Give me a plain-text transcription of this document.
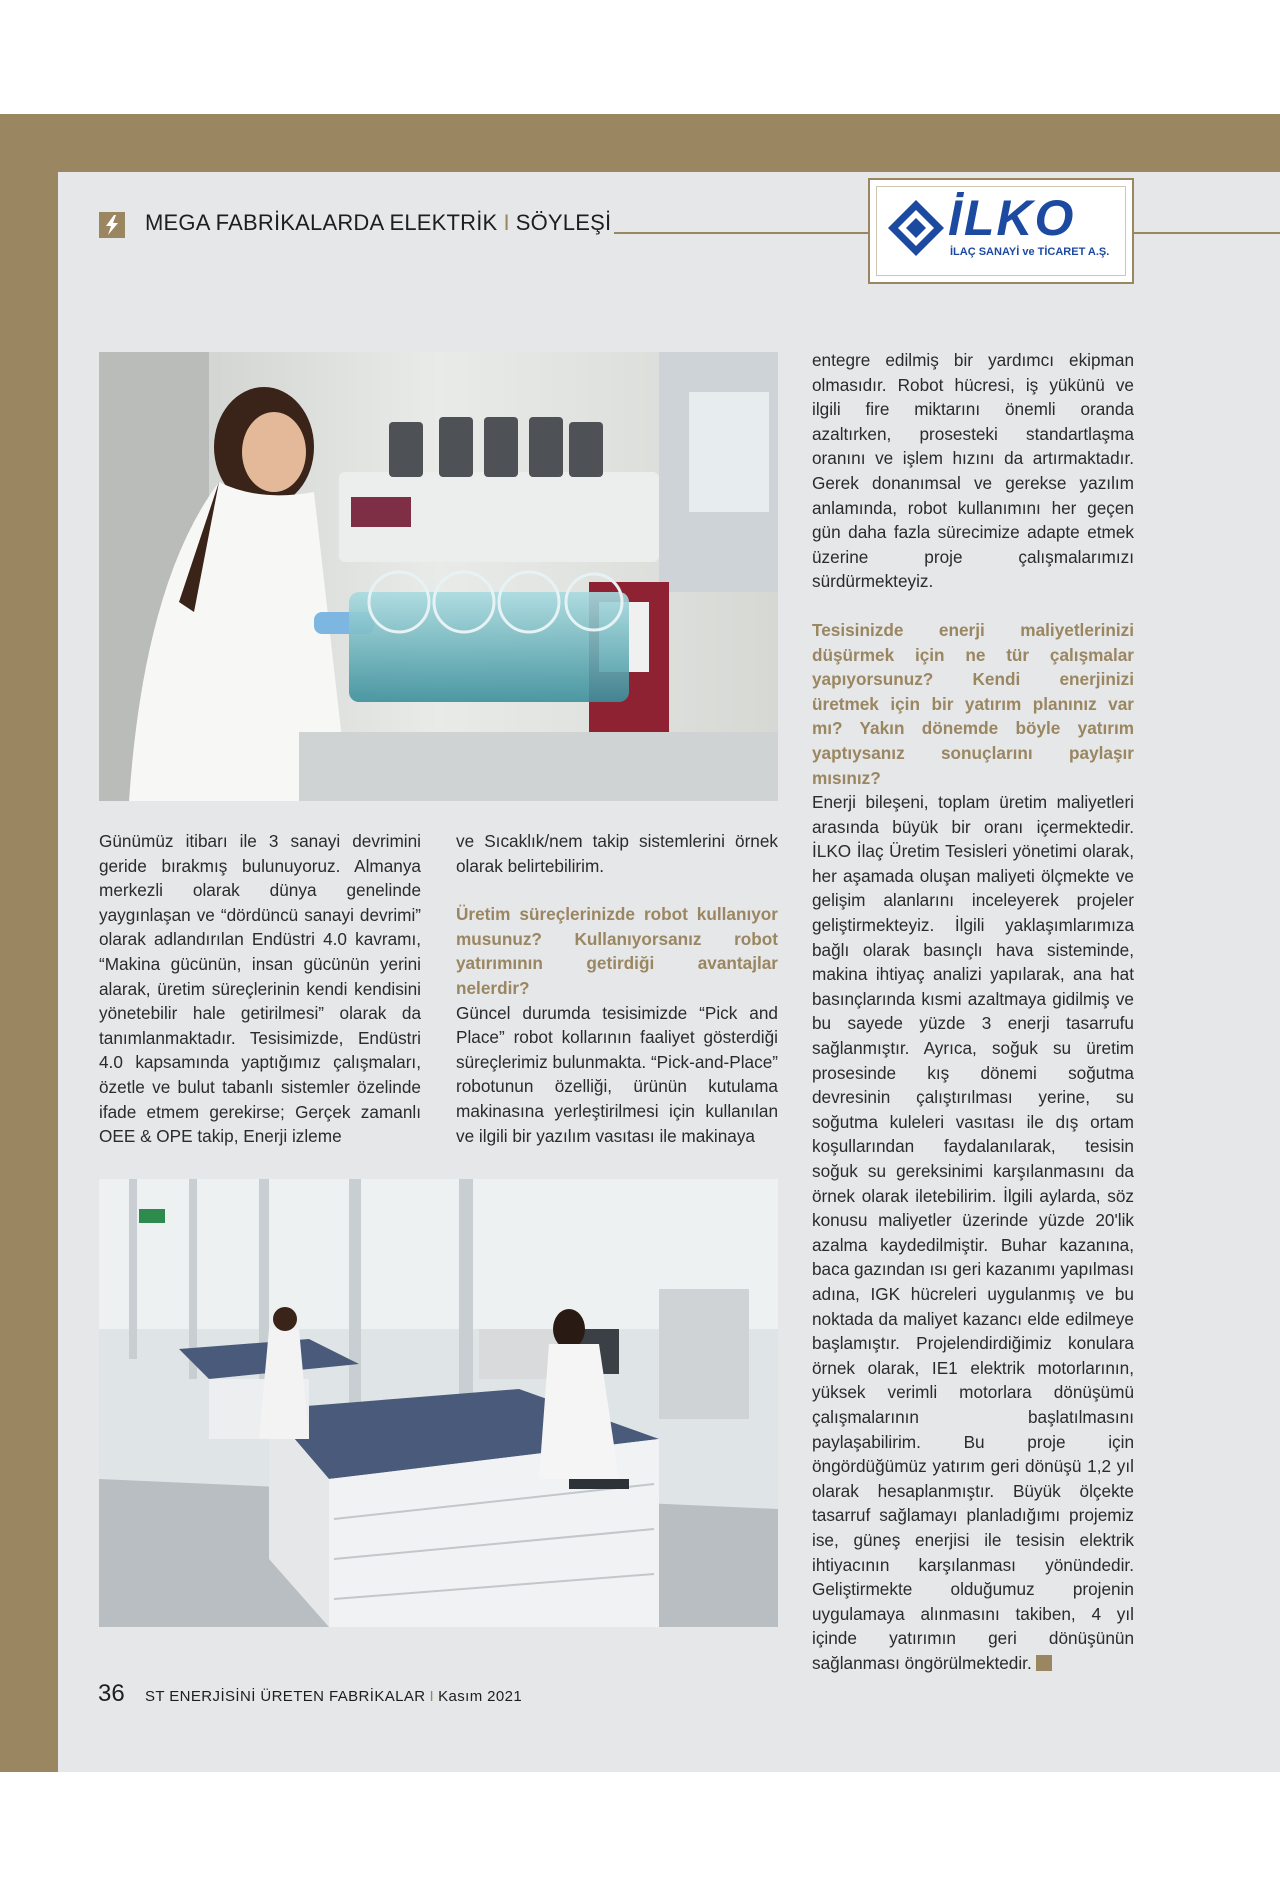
MEGA FABRİKALARDA ELEKTRİK I SÖYLEŞİ	İLKO
İLAÇ SANAYİ ve TİCARET A.Ş.

Günümüz itibarı ile 3 sanayi devrimini geride bırakmış bulunuyoruz. Almanya merkezli olarak dünya genelinde yaygınlaşan ve “dördüncü sanayi devrimi” olarak adlandırılan Endüstri 4.0 kavramı, “Makina gücünün, insan gücünün yerini alarak, üretim süreçlerinin kendi kendisini yönetebilir hale getirilmesi” olarak da tanımlanmaktadır. Tesisimizde, Endüstri 4.0 kapsamında yaptığımız çalışmaları, özetle ve bulut tabanlı sistemler özelinde ifade etmem gerekirse; Gerçek zamanlı OEE & OPE takip, Enerji izleme

ve Sıcaklık/nem takip sistemlerini örnek olarak belirtebilirim.

Üretim süreçlerinizde robot kullanıyor musunuz? Kullanıyorsanız robot yatırımının getirdiği avantajlar nelerdir?

Güncel durumda tesisimizde “Pick and Place” robot kollarının faaliyet gösterdiği süreçlerimiz bulunmakta. “Pick-and-Place” robotunun özelliği, ürünün kutulama makinasına yerleştirilmesi için kullanılan ve ilgili bir yazılım vasıtası ile makinaya

entegre edilmiş bir yardımcı ekipman olmasıdır. Robot hücresi, iş yükünü ve ilgili fire miktarını önemli oranda azaltırken, prosesteki standartlaşma oranını ve işlem hızını da artırmaktadır. Gerek donanımsal ve gerekse yazılım anlamında, robot kullanımını her geçen gün daha fazla sürecimize adapte etmek üzerine proje çalışmalarımızı sürdürmekteyiz.

Tesisinizde enerji maliyetlerinizi düşürmek için ne tür çalışmalar yapıyorsunuz? Kendi enerjinizi üretmek için bir yatırım planınız var mı? Yakın dönemde böyle yatırım yaptıysanız sonuçlarını paylaşır mısınız?

Enerji bileşeni, toplam üretim maliyetleri arasında büyük bir oranı içermektedir. İLKO İlaç Üretim Tesisleri yönetimi olarak, her aşamada oluşan maliyeti ölçmekte ve gelişim alanlarını inceleyerek projeler geliştirmekteyiz. İlgili yaklaşımlarımıza bağlı olarak basınçlı hava sisteminde, makina ihtiyaç analizi yapılarak, ana hat basınçlarında kısmi azaltmaya gidilmiş ve bu sayede yüzde 3 enerji tasarrufu sağlanmıştır. Ayrıca, soğuk su üretim prosesinde kış dönemi soğutma devresinin çalıştırılması yerine, su soğutma kuleleri vasıtası ile dış ortam koşullarından faydalanılarak, tesisin soğuk su gereksinimi karşılanmasını da örnek olarak iletebilirim. İlgili aylarda, söz konusu maliyetler üzerinde yüzde 20'lik azalma kaydedilmiştir. Buhar kazanına, baca gazından ısı geri kazanımı yapılması adına, IGK hücreleri uygulanmış ve bu noktada da maliyet kazancı elde edilmeye başlamıştır. Projelendirdiğimiz konulara örnek olarak, IE1 elektrik motorlarının, yüksek verimli motorlara dönüşümü çalışmalarının başlatılmasını paylaşabilirim. Bu proje için öngördüğümüz yatırım geri dönüşü 1,2 yıl olarak hesaplanmıştır. Büyük ölçekte tasarruf sağlamayı planladığımı projemiz ise, güneş enerjisi ile tesisin elektrik ihtiyacının karşılanması yönündedir. Geliştirmekte olduğumuz projenin uygulamaya alınmasını takiben, 4 yıl içinde yatırımın geri dönüşünün sağlanması öngörülmektedir.

36 ST ENERJİSİNİ ÜRETEN FABRİKALAR I Kasım 2021
